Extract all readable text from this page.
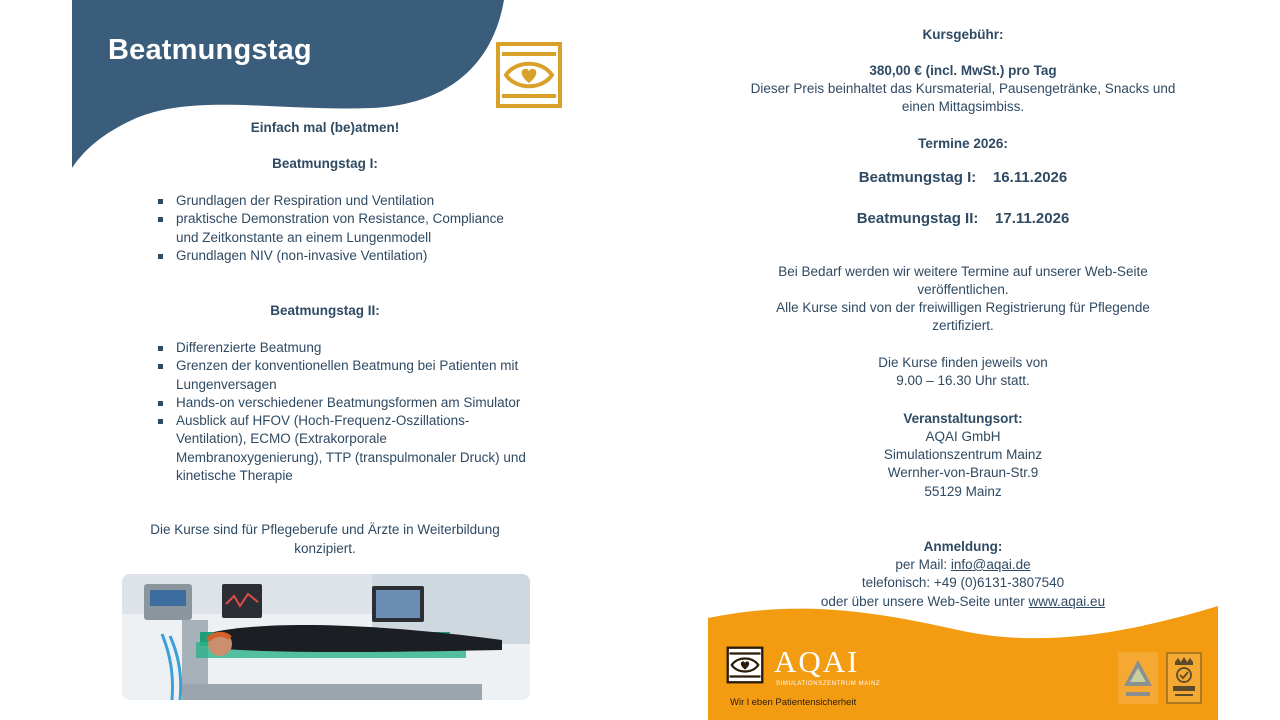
Beatmungstag

Einfach mal (be)atmen!

Beatmungstag I:

Grundlagen der Respiration und Ventilation
praktische Demonstration von Resistance, Compliance und Zeitkonstante an einem Lungenmodell
Grundlagen NIV (non-invasive Ventilation)

Beatmungstag II:

Differenzierte Beatmung
Grenzen der konventionellen Beatmung bei Patienten mit Lungenversagen
Hands-on verschiedener Beatmungsformen am Simulator
Ausblick auf HFOV (Hoch-Frequenz-Oszillations-Ventilation), ECMO (Extrakorporale Membranoxygenierung), TTP (transpulmonaler Druck) und kinetische Therapie

Die Kurse sind für Pflegeberufe und Ärzte in Weiterbildung konzipiert.

Kursgebühr:

380,00 € (incl. MwSt.) pro Tag

Dieser Preis beinhaltet das Kursmaterial, Pausengetränke, Snacks und einen Mittagsimbiss.

Termine 2026:

Beatmungstag I: 16.11.2026

Beatmungstag II: 17.11.2026

Bei Bedarf werden wir weitere Termine auf unserer Web-Seite veröffentlichen.

Alle Kurse sind von der freiwilligen Registrierung für Pflegende zertifiziert.

Die Kurse finden jeweils von

9.00 – 16.30 Uhr statt.

Veranstaltungsort:

AQAI GmbH

Simulationszentrum Mainz

Wernher-von-Braun-Str.9

55129 Mainz

Anmeldung:

per Mail: info@aqai.de

telefonisch: +49 (0)6131-3807540

oder über unsere Web-Seite unter www.aqai.eu

AQAI
SIMULATIONSZENTRUM MAINZ
Wir l eben Patientensicherheit
